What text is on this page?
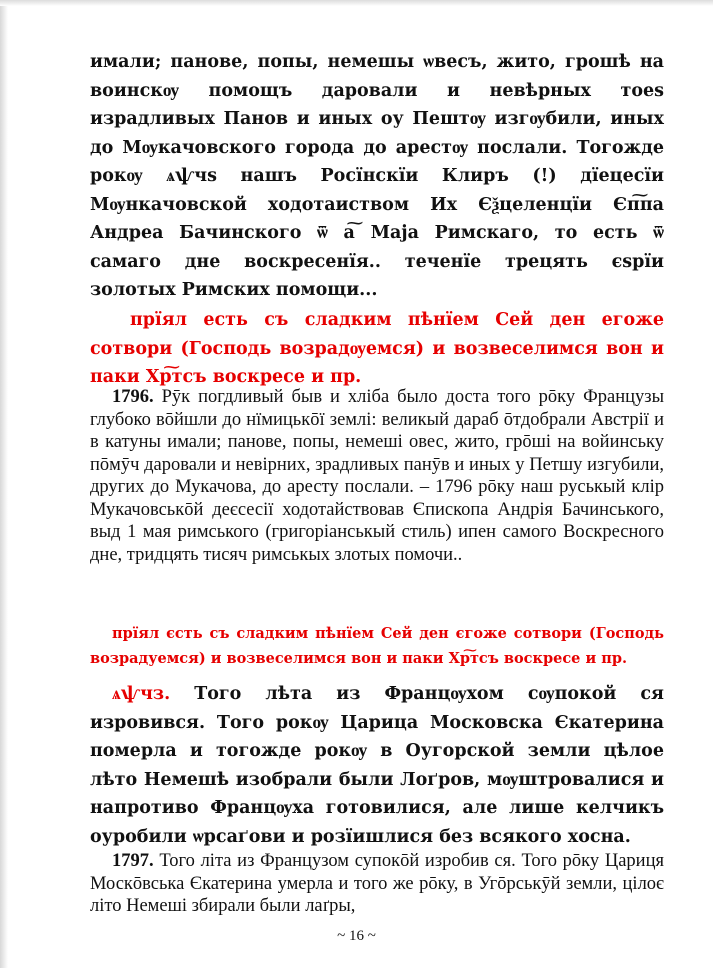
имали; панове, попы, немешы ѡвесъ, жито, грошѣ на воинскѹ помощъ даровали и невѣрных тоеѕ израдливых Панов и иных оу Пештѹ изгѹбили, иных до Мѹкачовского города до арестѹ послали. Тогожде рокѹ ѧѱчѕ нашъ Росїнскїи Клиръ (!) дїецесїи Мѹнкачовской ходотаиством Их Єѯцеленцїи Єп͠па Андреа Бачинского ѿ а͠ Маја Римскаго, то есть ѿ самаго дне воскресенїя.. теченїе трецять єѕрїи золотых Римских помощи...

прїял есть съ сладким пѣнїем Сей ден егоже сотвори (Господь возрадѹемся) и возвеселимся вон и паки Хр͠тсъ воскресе и пр.

1796. Рӯк погдливый быв и хліба было доста того рōку Французы глубоко вōйшли до нїмицькōї землі: великый дараб ōтдобрали Австрії и в катуны имали; панове, попы, немеші овес, жито, грōші на войинську пōмӯч даровали и невірних, зрадливых панӯв и иных у Петшу изгубили, других до Мукачова, до аресту послали. – 1796 рōку наш руськый клір Мукачовськōй деєсесії ходотайствовав Єпископа Андрія Бачинського, выд 1 мая римського (григоріанськый стиль) ипен самого Воскресного дне, тридцять тисяч римськых злотых помочи..

прїял єсть съ сладким пѣнїем Сей ден єгоже сотвори (Господь возрадуемся) и возвеселимся вон и паки Хр͠тсъ воскресе и пр.

ѧѱчз. Того лѣта из Францѹхом сѹпокой ся изровився. Того рокѹ Царица Московска Єкатерина померла и тогожде рокѹ в Оугорской земли цѣлое лѣто Немешѣ изобрали были Лоґров, мѹштровалися и напротиво Францѹха готовилися, але лише келчикъ оуробили ѡрсаґови и розїишлися без всякого хосна.

1797. Того літа из Французом супокōй изробив ся. Того рōку Цариця Москōвська Єкатерина умерла и того же рōку, в Угōрськӯй земли, цілоє літо Немеші збирали были лаґры,

~ 16 ~
